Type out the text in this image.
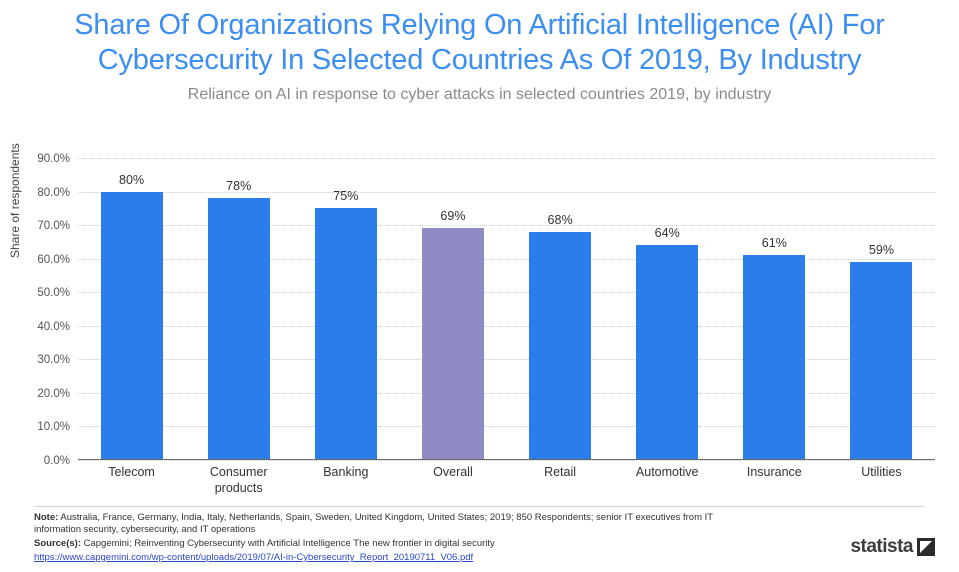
Share Of Organizations Relying On Artificial Intelligence (AI) For Cybersecurity In Selected Countries As Of 2019, By Industry
Reliance on AI in response to cyber attacks in selected countries 2019, by industry
Share of respondents 90.0%
80.0%
70.0%
60.0%
50.0%
40.0%
30.0%
20.0%
10.0%
0.0%
80%	78%
75%
69%	68%
64%
61%	59%
Telecom	Consumer products
Banking	Overall	Retail	Automotive	Insurance	Utilities
Note: Australia, France, Germany, India, Italy, Netherlands, Spain, Sweden, United Kingdom, United States; 2019; 850 Respondents; senior IT executives from IT information security, cybersecurity, and IT operations
Source(s): Capgemini; Reinventing Cybersecurity with Artificial Intelligence The new frontier in digital security
https://www.capgemini.com/wp-content/uploads/2019/07/AI-in-Cybersecurity_Report_20190711_V06.pdf
statista
